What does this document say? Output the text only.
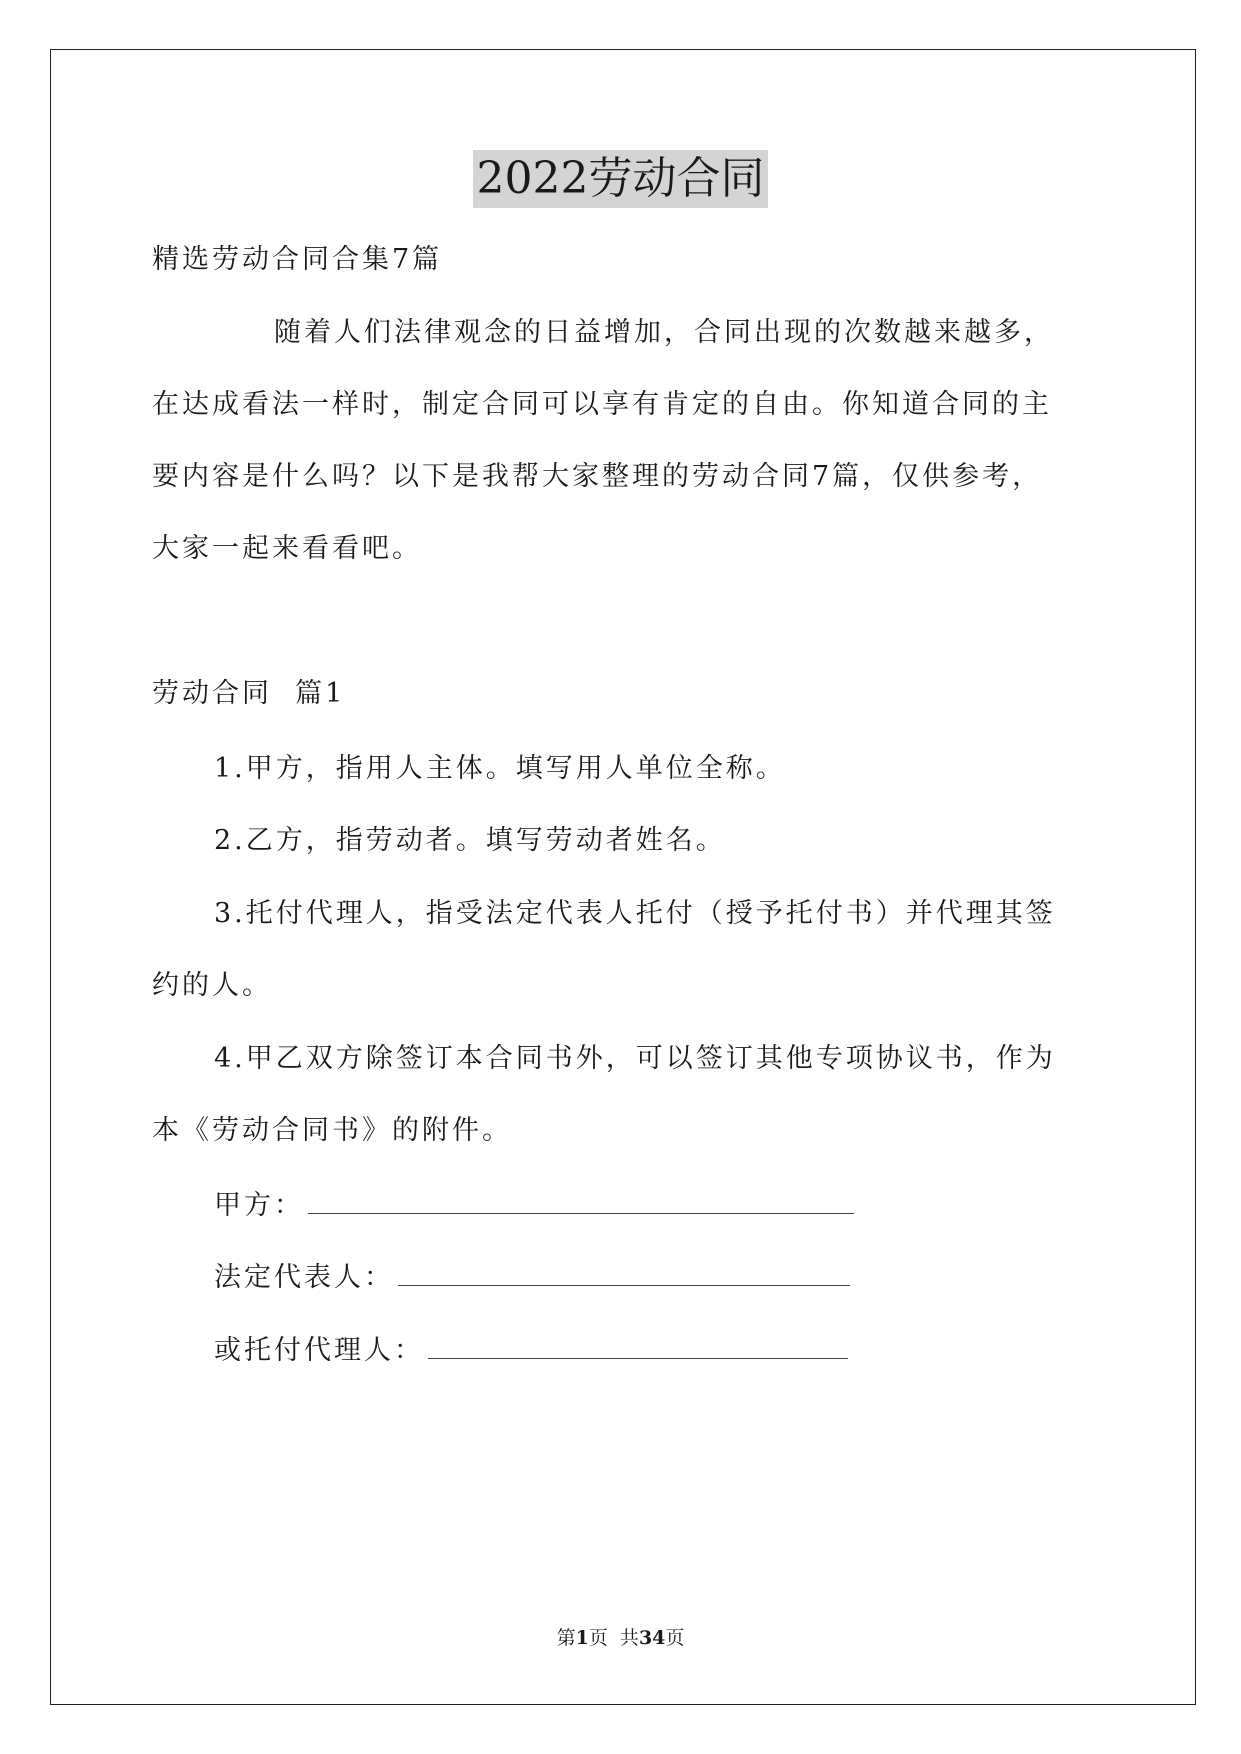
2022劳动合同
精选劳动合同合集7篇
随着人们法律观念的日益增加，合同出现的次数越来越多，
在达成看法一样时，制定合同可以享有肯定的自由。你知道合同的主
要内容是什么吗？以下是我帮大家整理的劳动合同7篇，仅供参考，
大家一起来看看吧。
劳动合同  篇1
1.甲方，指用人主体。填写用人单位全称。
2.乙方，指劳动者。填写劳动者姓名。
3.托付代理人，指受法定代表人托付（授予托付书）并代理其签
约的人。
4.甲乙双方除签订本合同书外，可以签订其他专项协议书，作为
本《劳动合同书》的附件。
甲方：
法定代表人：
或托付代理人：
第1页  共34页
